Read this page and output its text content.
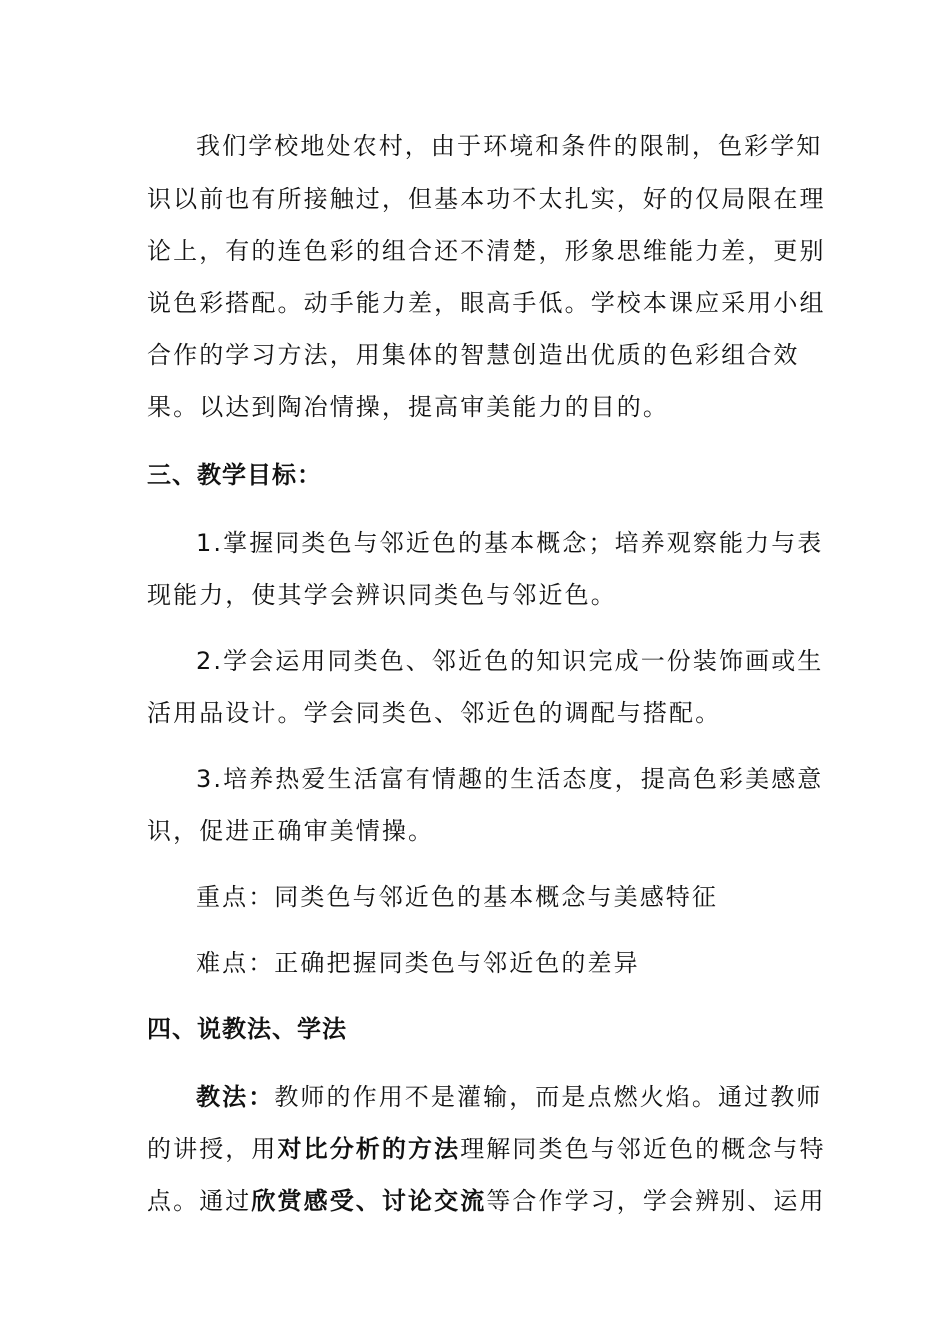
我们学校地处农村，由于环境和条件的限制，色彩学知
识以前也有所接触过，但基本功不太扎实，好的仅局限在理
论上，有的连色彩的组合还不清楚，形象思维能力差，更别
说色彩搭配。动手能力差，眼高手低。学校本课应采用小组
合作的学习方法，用集体的智慧创造出优质的色彩组合效
果。以达到陶冶情操，提高审美能力的目的。
三、教学目标：
1.掌握同类色与邻近色的基本概念；培养观察能力与表
现能力，使其学会辨识同类色与邻近色。
2.学会运用同类色、邻近色的知识完成一份装饰画或生
活用品设计。学会同类色、邻近色的调配与搭配。
3.培养热爱生活富有情趣的生活态度，提高色彩美感意
识，促进正确审美情操。
重点：同类色与邻近色的基本概念与美感特征
难点：正确把握同类色与邻近色的差异
四、说教法、学法
教法：教师的作用不是灌输，而是点燃火焰。通过教师
的讲授，用对比分析的方法理解同类色与邻近色的概念与特
点。通过欣赏感受、讨论交流等合作学习，学会辨别、运用
